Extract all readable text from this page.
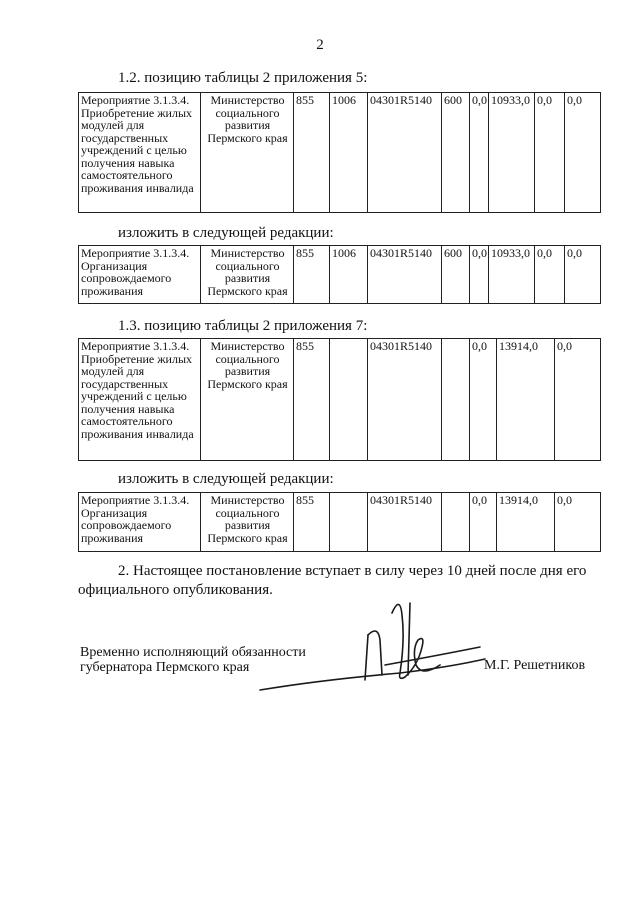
2
1.2. позицию таблицы 2 приложения 5:
Мероприятие 3.1.3.4. Приобретение жилых модулей для государственных учреждений с целью получения навыка самостоятельного проживания инвалида	Министерство социального развития Пермского края	855	1006	04301R5140	600	0,0	10933,0	0,0	0,0
изложить в следующей редакции:
Мероприятие 3.1.3.4. Организация сопровождаемого проживания	Министерство социального развития Пермского края	855	1006	04301R5140	600	0,0	10933,0	0,0	0,0
1.3. позицию таблицы 2 приложения 7:
Мероприятие 3.1.3.4. Приобретение жилых модулей для государственных учреждений с целью получения навыка самостоятельного проживания инвалида	Министерство социального развития Пермского края	855		04301R5140		0,0	13914,0	0,0
изложить в следующей редакции:
Мероприятие 3.1.3.4. Организация сопровождаемого проживания	Министерство социального развития Пермского края	855		04301R5140		0,0	13914,0	0,0
2. Настоящее постановление вступает в силу через 10 дней после дня его
официального опубликования.
Временно исполняющий обязанности
губернатора Пермского края	М.Г. Решетников
